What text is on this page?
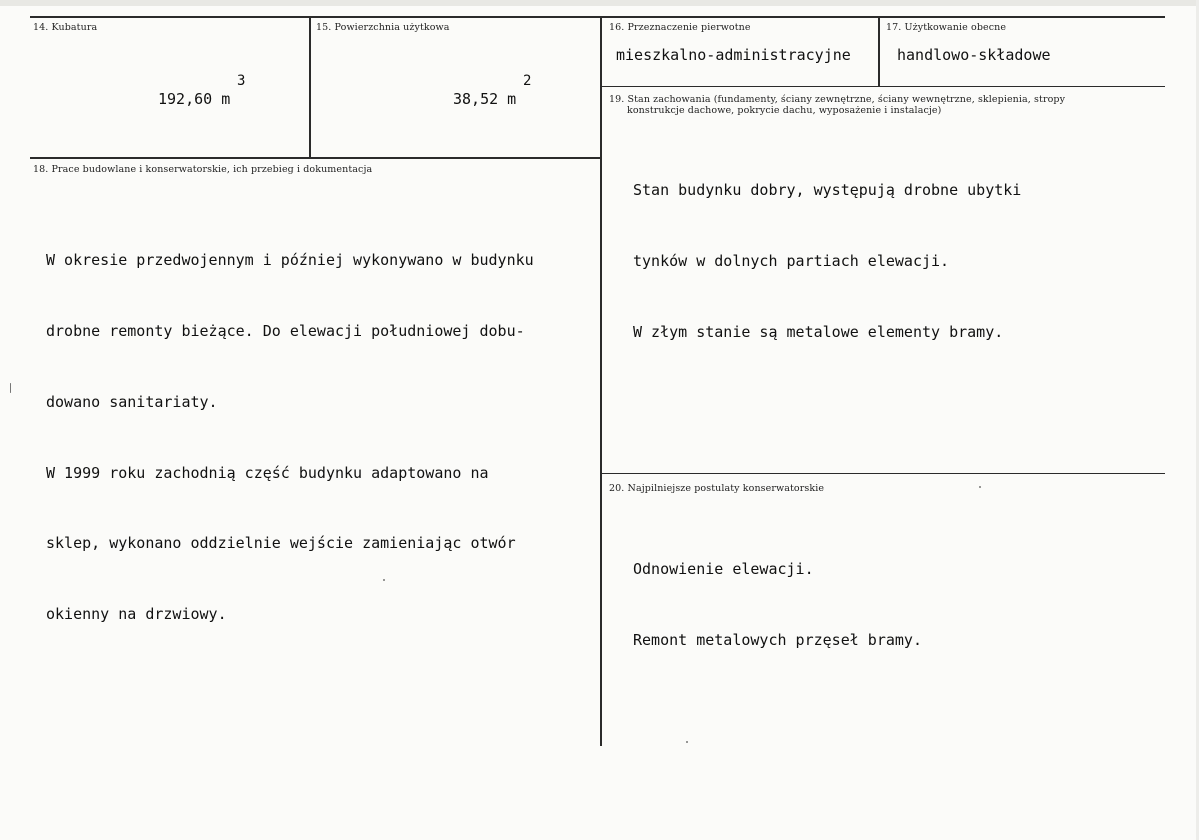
14. Kubatura
192,60 m
3
15. Powierzchnia użytkowa
38,52 m
2
16. Przeznaczenie pierwotne
mieszkalno-administracyjne
17. Użytkowanie obecne
handlowo-składowe
18. Prace budowlane i konserwatorskie, ich przebieg i dokumentacja

W okresie przedwojennym i później wykonywano w budynku

drobne remonty bieżące. Do elewacji południowej dobu-

dowano sanitariaty.

W 1999 roku zachodnią część budynku adaptowano na

sklep, wykonano oddzielnie wejście zamieniając otwór

okienny na drzwiowy.

19. Stan zachowania (fundamenty, ściany zewnętrzne, ściany wewnętrzne, sklepienia, stropy
konstrukcje dachowe, pokrycie dachu, wyposażenie i instalacje)

Stan budynku dobry, występują drobne ubytki

tynków w dolnych partiach elewacji.

W złym stanie są metalowe elementy bramy.

20. Najpilniejsze postulaty konserwatorskie

Odnowienie elewacji.

Remont metalowych przęseł bramy.
